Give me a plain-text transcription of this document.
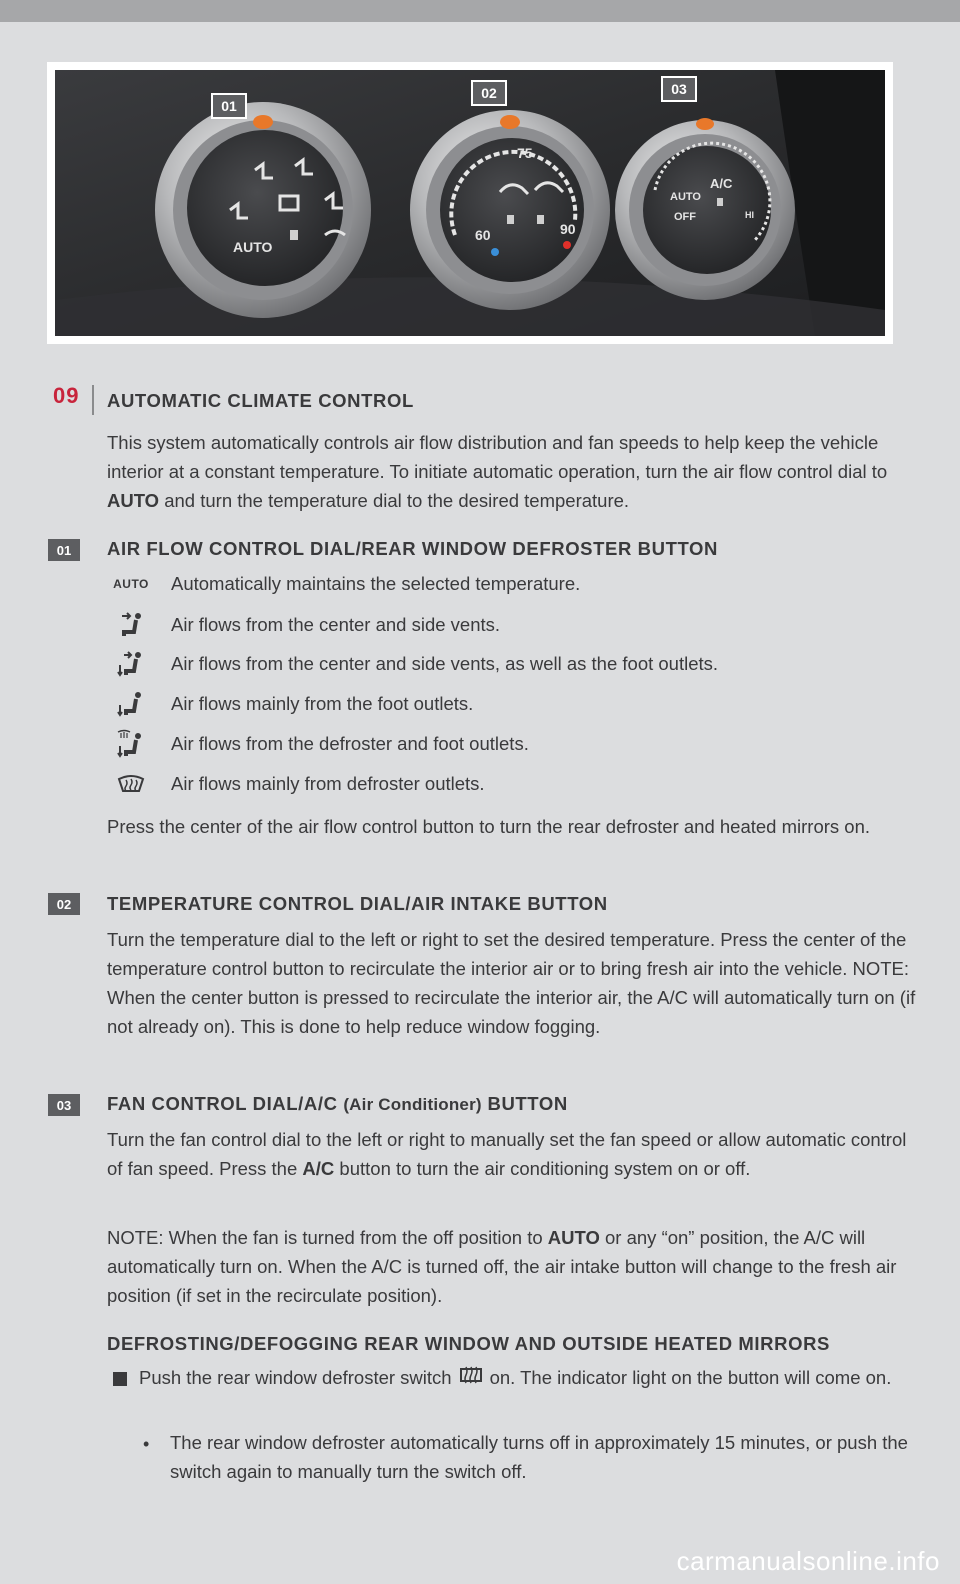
AUTO
75
60	90
AUTO
OFF
A/C
HI
01
02	03
09 AUTOMATIC CLIMATE CONTROL
This system automatically controls air flow distribution and fan speeds to help keep the vehicle interior at a constant temperature. To initiate automatic operation, turn the air flow control dial to AUTO and turn the temperature dial to the desired temperature.
01	AIR FLOW CONTROL DIAL/REAR WINDOW DEFROSTER BUTTON
AUTO Automatically maintains the selected temperature.
Air flows from the center and side vents.
Air flows from the center and side vents, as well as the foot outlets.
Air flows mainly from the foot outlets.
Air flows from the defroster and foot outlets.
Air flows mainly from defroster outlets.
Press the center of the air flow control button to turn the rear defroster and heated mirrors on.
02	TEMPERATURE CONTROL DIAL/AIR INTAKE BUTTON
Turn the temperature dial to the left or right to set the desired temperature. Press the center of the temperature control button to recirculate the interior air or to bring fresh air into the vehicle. NOTE: When the center button is pressed to recirculate the interior air, the A/C will automatically turn on (if not already on). This is done to help reduce window fogging.
03	FAN CONTROL DIAL/A/C (Air Conditioner) BUTTON
Turn the fan control dial to the left or right to manually set the fan speed or allow automatic control of fan speed. Press the A/C button to turn the air conditioning system on or off.
NOTE: When the fan is turned from the off position to AUTO or any “on” position, the A/C will automatically turn on. When the A/C is turned off, the air intake button will change to the fresh air position (if set in the recirculate position).
DEFROSTING/DEFOGGING REAR WINDOW AND OUTSIDE HEATED MIRRORS
Push the rear window defroster switch on. The indicator light on the button will come on.
• The rear window defroster automatically turns off in approximately 15 minutes, or push the switch again to manually turn the switch off.
carmanualsonline.info
